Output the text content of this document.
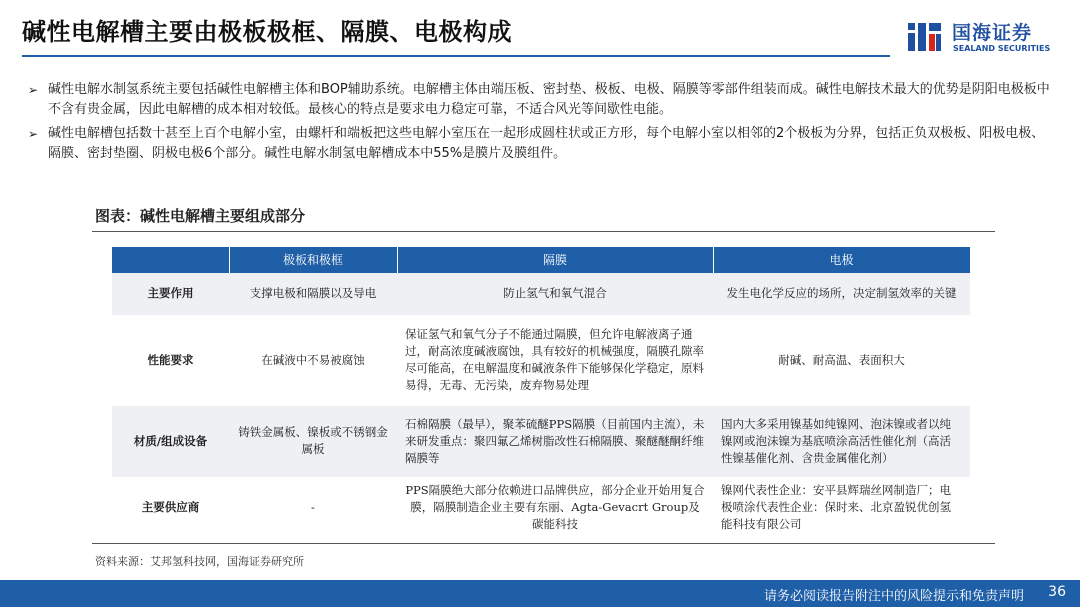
碱性电解槽主要由极板极框、隔膜、电极构成	国海证券
SEALAND SECURITIES
➢ 碱性电解水制氢系统主要包括碱性电解槽主体和BOP辅助系统。电解槽主体由端压板、密封垫、极板、电极、隔膜等零部件组装而成。碱性电解技术最大的优势是阴阳电极板中不含有贵金属，因此电解槽的成本相对较低。最核心的特点是要求电力稳定可靠，不适合风光等间歇性电能。
➢ 碱性电解槽包括数十甚至上百个电解小室，由螺杆和端板把这些电解小室压在一起形成圆柱状或正方形，每个电解小室以相邻的2个极板为分界，包括正负双极板、阳极电极、隔膜、密封垫圈、阴极电极6个部分。碱性电解水制氢电解槽成本中55%是膜片及膜组件。
图表：碱性电解槽主要组成部分
	极板和极框	隔膜	电极
主要作用	支撑电极和隔膜以及导电	防止氢气和氧气混合	发生电化学反应的场所，决定制氢效率的关键
性能要求	在碱液中不易被腐蚀	保证氢气和氧气分子不能通过隔膜，但允许电解液离子通过，耐高浓度碱液腐蚀，具有较好的机械强度，隔膜孔隙率尽可能高，在电解温度和碱液条件下能够保化学稳定，原料易得，无毒、无污染，废弃物易处理	耐碱、耐高温、表面积大
材质/组成设备	铸铁金属板、镍板或不锈钢金属板	石棉隔膜（最早），聚苯硫醚PPS隔膜（目前国内主流），未来研发重点：聚四氟乙烯树脂改性石棉隔膜、聚醚醚酮纤维隔膜等	国内大多采用镍基如纯镍网、泡沫镍或者以纯镍网或泡沫镍为基底喷涂高活性催化剂（高活性镍基催化剂、含贵金属催化剂）
主要供应商	-	PPS隔膜绝大部分依赖进口品牌供应，部分企业开始用复合膜，隔膜制造企业主要有东丽、Agta-Gevacrt Group及碳能科技	镍网代表性企业：安平县辉瑞丝网制造厂；电极喷涂代表性企业：保时来、北京盈锐优创氢能科技有限公司
资料来源：艾邦氢科技网，国海证券研究所
请务必阅读报告附注中的风险提示和免责声明 36
